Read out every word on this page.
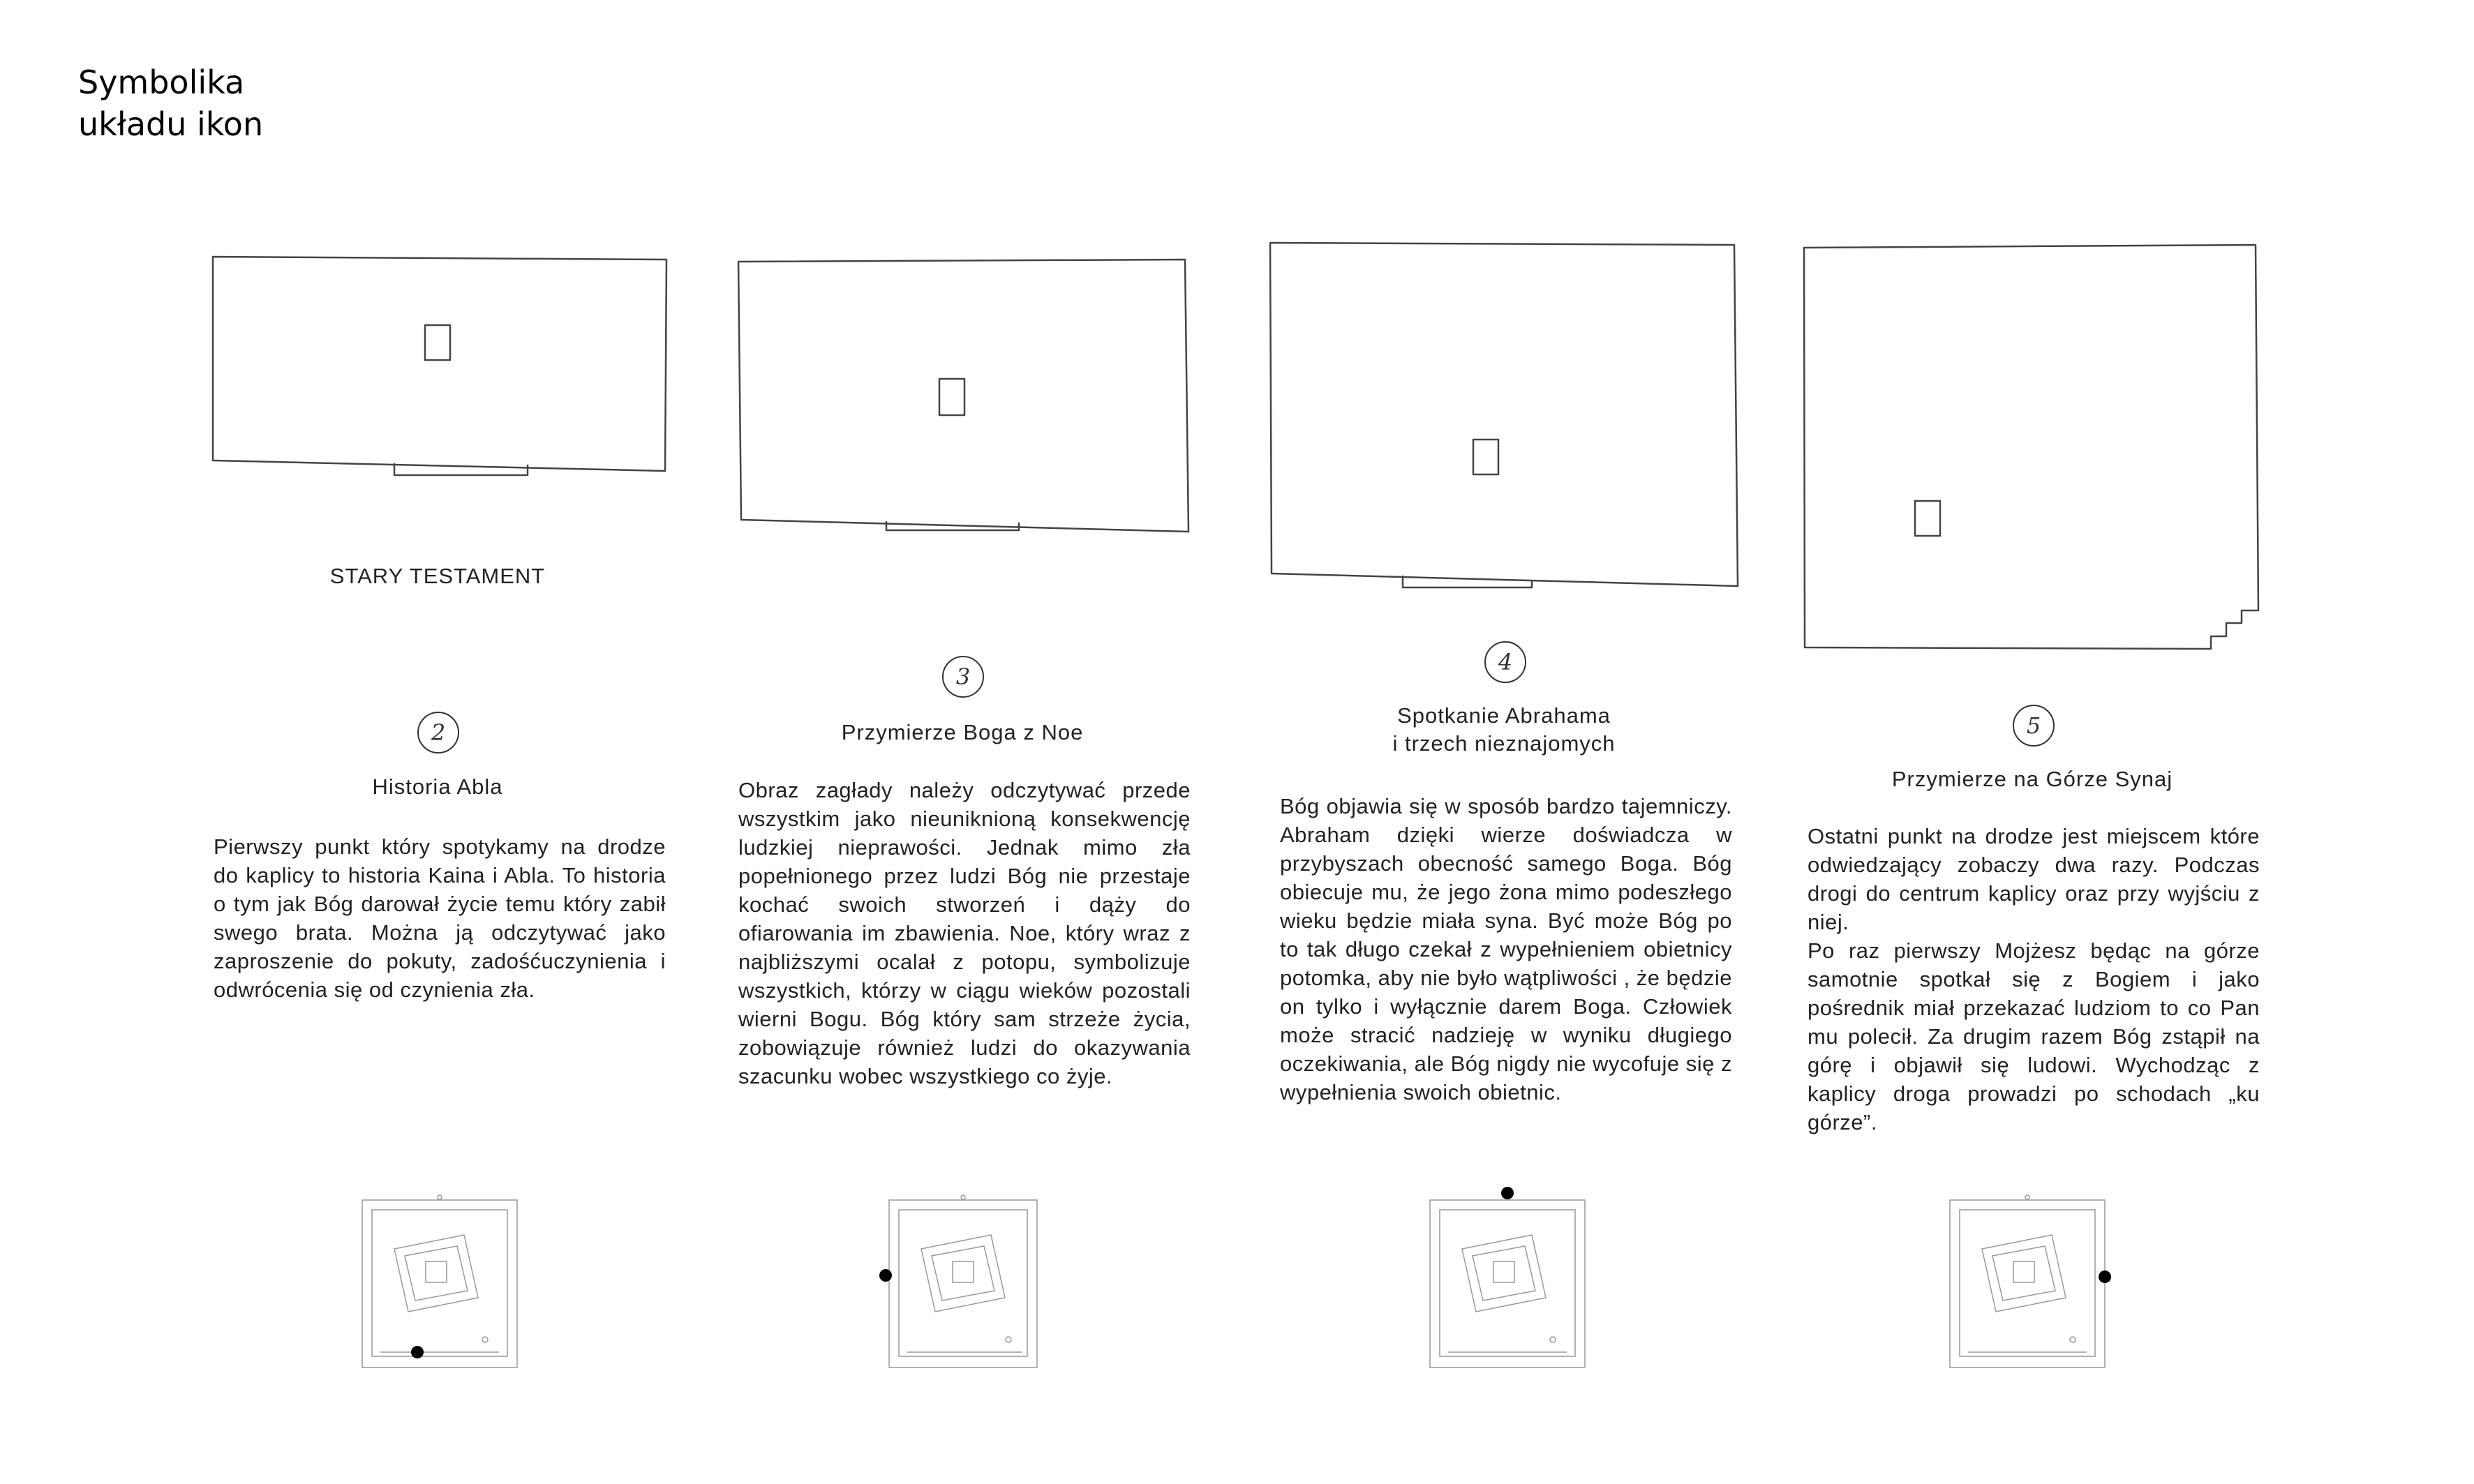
Symbolika
układu ikon
STARY TESTAMENT
2
Historia Abla

Pierwszy punkt który spotykamy na drodze do kaplicy to historia Kaina i Abla. To historia o tym jak Bóg darował życie temu który zabił swego brata. Można ją odczytywać jako zaproszenie do pokuty, zadośćuczynienia i odwrócenia się od czynienia zła.

3
Przymierze Boga z Noe

Obraz zagłady należy odczytywać przede wszystkim jako nieuniknioną konsekwencję ludzkiej nieprawości. Jednak mimo zła popełnionego przez ludzi Bóg nie przestaje kochać swoich stworzeń i dąży do ofiarowania im zbawienia. Noe, który wraz z najbliższymi ocalał z potopu, symbolizuje wszystkich, którzy w ciągu wieków pozostali wierni Bogu. Bóg który sam strzeże życia, zobowiązuje również ludzi do okazywania szacunku wobec wszystkiego co żyje.

4
Spotkanie Abrahama
i trzech nieznajomych

Bóg objawia się w sposób bardzo tajemniczy. Abraham dzięki wierze doświadcza w przybyszach obecność samego Boga. Bóg obiecuje mu, że jego żona mimo podeszłego wieku będzie miała syna. Być może Bóg po to tak długo czekał z wypełnieniem obietnicy potomka, aby nie było wątpliwości , że będzie on tylko i wyłącznie darem Boga. Człowiek może stracić nadzieję w wyniku długiego oczekiwania, ale Bóg nigdy nie wycofuje się z wypełnienia swoich obietnic.

5
Przymierze na Górze Synaj

Ostatni punkt na drodze jest miejscem które odwiedzający zobaczy dwa razy. Podczas drogi do centrum kaplicy oraz przy wyjściu z niej.

Po raz pierwszy Mojżesz będąc na górze samotnie spotkał się z Bogiem i jako pośrednik miał przekazać ludziom to co Pan mu polecił. Za drugim razem Bóg zstąpił na górę i objawił się ludowi. Wychodząc z kaplicy droga prowadzi po schodach „ku górze”.
